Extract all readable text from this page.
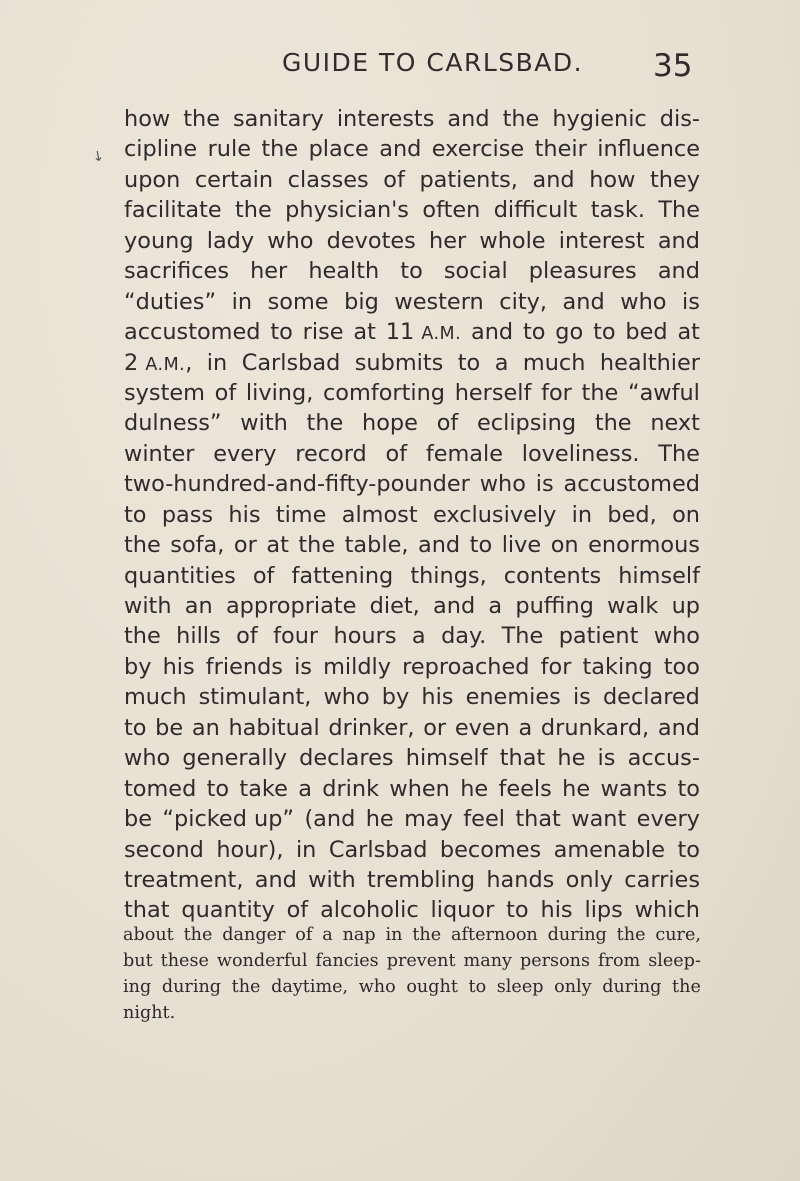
GUIDE TO CARLSBAD. 35
↘
how the sanitary interests and the hygienic dis-
cipline rule the place and exercise their influence
upon certain classes of patients, and how they
facilitate the physician's often difficult task. The
young lady who devotes her whole interest and
sacrifices her health to social pleasures and
“duties” in some big western city, and who is
accustomed to rise at 11 A.M. and to go to bed at
2 A.M., in Carlsbad submits to a much healthier
system of living, comforting herself for the “awful
dulness” with the hope of eclipsing the next
winter every record of female loveliness. The
two-hundred-and-fifty-pounder who is accustomed
to pass his time almost exclusively in bed, on
the sofa, or at the table, and to live on enormous
quantities of fattening things, contents himself
with an appropriate diet, and a puffing walk up
the hills of four hours a day. The patient who
by his friends is mildly reproached for taking too
much stimulant, who by his enemies is declared
to be an habitual drinker, or even a drunkard, and
who generally declares himself that he is accus-
tomed to take a drink when he feels he wants to
be “picked up” (and he may feel that want every
second hour), in Carlsbad becomes amenable to
treatment, and with trembling hands only carries
that quantity of alcoholic liquor to his lips which
about the danger of a nap in the afternoon during the cure,
but these wonderful fancies prevent many persons from sleep-
ing during the daytime, who ought to sleep only during the
night.
